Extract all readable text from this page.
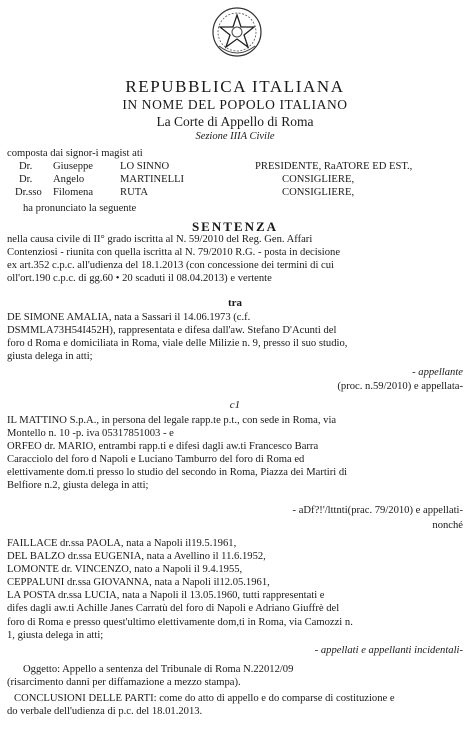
REPUBBLICA ITALIANA
IN NOME DEL POPOLO ITALIANO
La Corte di Appello di Roma
Sezione IIIA Civile
composta dai signor-i magist ati
Dr. Giuseppe	LO SINNO	PRESIDENTE, RaATORE ED EST.,
Dr. Angelo	MARTINELLI	CONSIGLIERE,
Dr.sso Filomena	RUTA	CONSIGLIERE,
ha pronunciato la seguente
SENTENZA
nella causa civile di II° grado iscritta al N. 59/2010 del Reg. Gen. Affari
Contenziosi - riunita con quella iscritta al N. 79/2010 R.G. - posta in decisione
ex art.352 c.p.c. all'udienza del 18.1.2013 (con concessione dei termini di cui
oll'ort.190 c.p.c. di gg.60 • 20 scaduti il 08.04.2013) e vertente
tra
DE SIMONE AMALIA, nata a Sassari il 14.06.1973 (c.f.
DSMMLA73H54I452H), rappresentata e difesa dall'aw. Stefano D'Acunti del
foro d Roma e domiciliata in Roma, viale delle Milizie n. 9, presso il suo studio,
giusta delega in atti;
- appellante
(proc. n.59/2010) e appellata-
c1
IL MATTINO S.p.A., in persona del legale rapp.te p.t., con sede in Roma, via
Montello n. 10 -p. iva 05317851003 - e
ORFEO dr. MARIO, entrambi rapp.ti e difesi dagli aw.ti Francesco Barra
Caracciolo del foro d Napoli e Luciano Tamburro del foro di Roma ed
elettivamente dom.ti presso lo studio del secondo in Roma, Piazza dei Martiri di
Belfiore n.2, giusta delega in atti;
- aDf?!'/lttnti(prac. 79/2010) e appellati-
nonché
FAILLACE dr.ssa PAOLA, nata a Napoli il19.5.1961,
DEL BALZO dr.ssa EUGENIA, nata a Avellino il 11.6.1952,
LOMONTE dr. VINCENZO, nato a Napoli il 9.4.1955,
CEPPALUNI dr.ssa GIOVANNA, nata a Napoli il12.05.1961,
LA POSTA dr.ssa LUCIA, nata a Napoli il 13.05.1960, tutti rappresentati e
difes dagli aw.ti Achille Janes Carratù del foro di Napoli e Adriano Giuffrè del
foro di Roma e presso quest'ultimo elettivamente dom,ti in Roma, via Camozzi n.
1, giusta delega in atti;
- appellati e appellanti incidentali-
Oggetto: Appello a sentenza del Tribunale di Roma N.22012/09
(risarcimento danni per diffamazione a mezzo stampa).
CONCLUSIONI DELLE PARTI: come do atto di appello e do comparse di costituzione e
do verbale dell'udienza di p.c. del 18.01.2013.
